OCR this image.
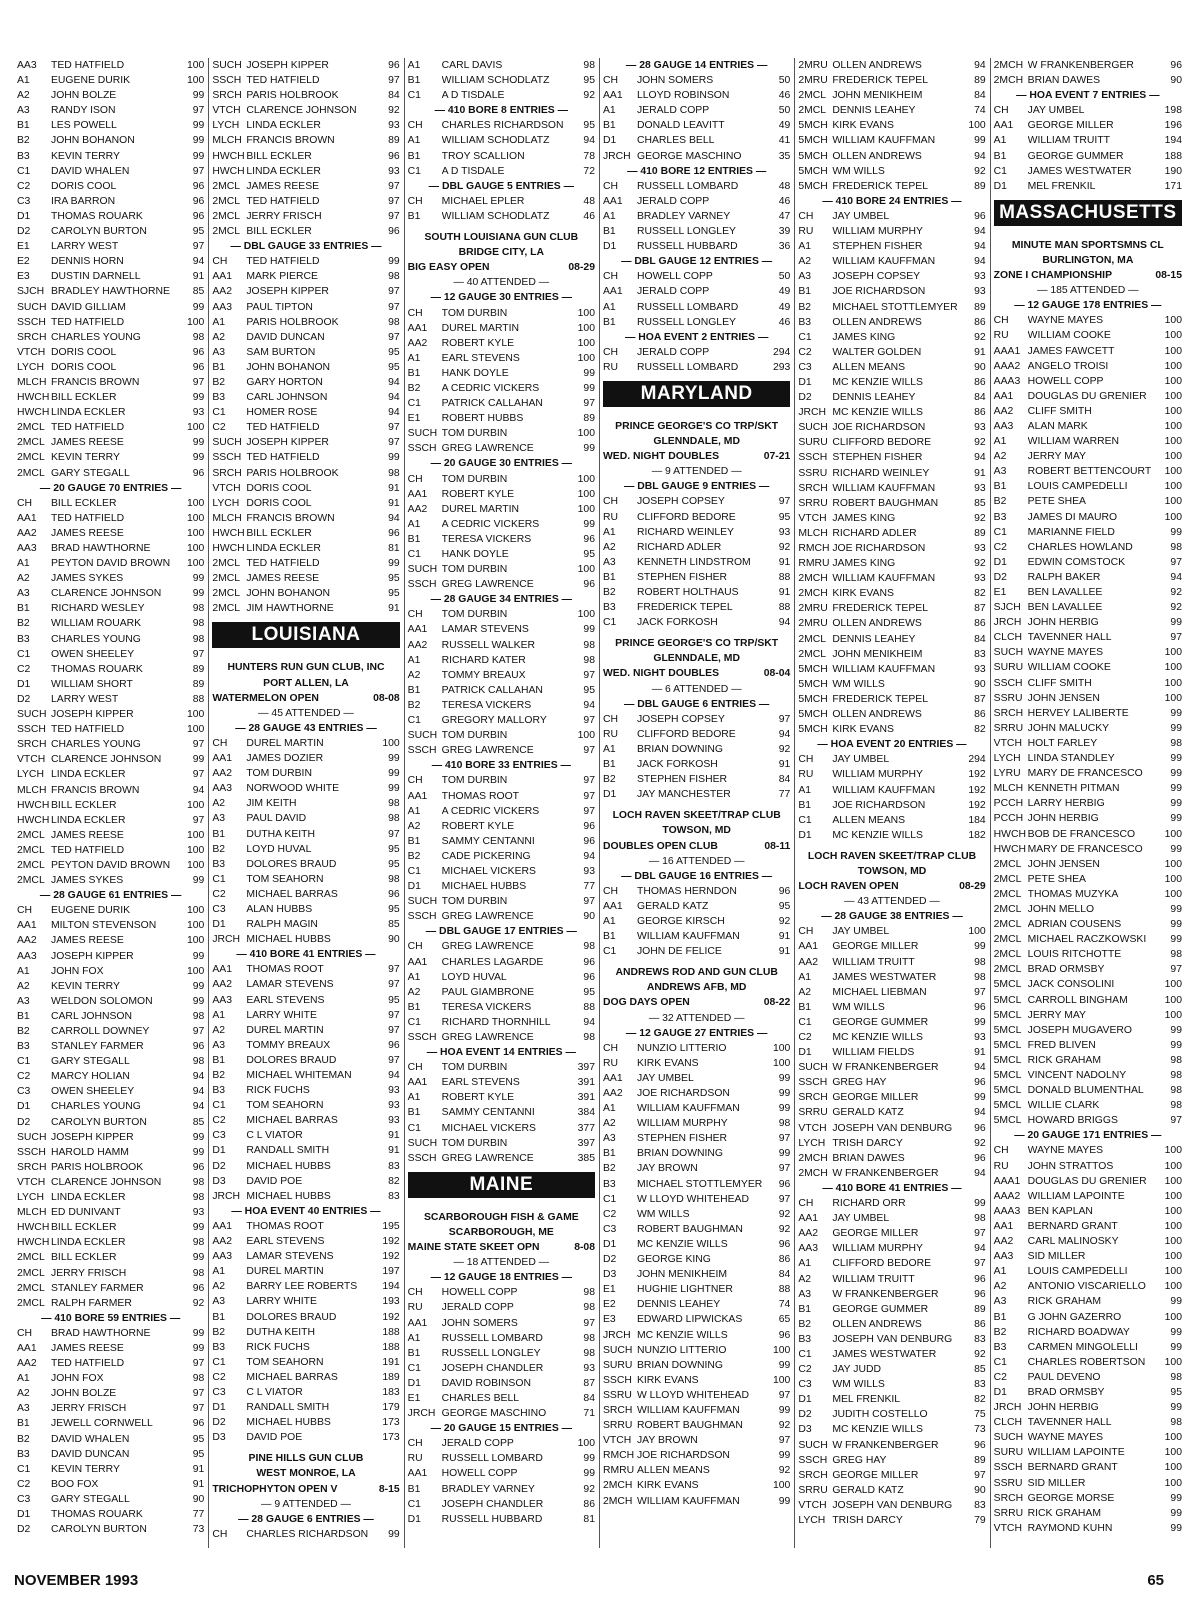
AA3	TED HATFIELD	100
A1	EUGENE DURIK	100
A2	JOHN BOLZE	99
A3	RANDY ISON	97
B1	LES POWELL	99
B2	JOHN BOHANON	99
B3	KEVIN TERRY	99
C1	DAVID WHALEN	97
C2	DORIS COOL	96
C3	IRA BARRON	96
D1	THOMAS ROUARK	96
D2	CAROLYN BURTON	95
E1	LARRY WEST	97
E2	DENNIS HORN	94
E3	DUSTIN DARNELL	91
SJCH BRADLEY HAWTHORNE	85
SUCH DAVID GILLIAM	99
SSCH TED HATFIELD	100
SRCH CHARLES YOUNG	98
VTCH DORIS COOL	96
LYCH DORIS COOL	96
MLCH FRANCIS BROWN	97
HWCH BILL ECKLER	99
HWCH LINDA ECKLER	93
2MCL TED HATFIELD	100
2MCL JAMES REESE	99
2MCL KEVIN TERRY	99
2MCL GARY STEGALL	96
— 20 GAUGE 70 ENTRIES —
CH	BILL ECKLER	100
AA1	TED HATFIELD	100
AA2	JAMES REESE	100
AA3	BRAD HAWTHORNE	100
A1	PEYTON DAVID BROWN	100
A2	JAMES SYKES	99
A3	CLARENCE JOHNSON	99
B1	RICHARD WESLEY	98
B2	WILLIAM ROUARK	98
B3	CHARLES YOUNG	98
C1	OWEN SHEELEY	97
C2	THOMAS ROUARK	89
D1	WILLIAM SHORT	89
D2	LARRY WEST	88
SUCH JOSEPH KIPPER	100
SSCH TED HATFIELD	100
SRCH CHARLES YOUNG	97
VTCH CLARENCE JOHNSON	99
LYCH LINDA ECKLER	97
MLCH FRANCIS BROWN	94
HWCH BILL ECKLER	100
HWCH LINDA ECKLER	97
2MCL JAMES REESE	100
2MCL TED HATFIELD	100
2MCL PEYTON DAVID BROWN	100
2MCL JAMES SYKES	99
— 28 GAUGE 61 ENTRIES —
CH	EUGENE DURIK	100
AA1	MILTON STEVENSON	100
AA2	JAMES REESE	100
AA3	JOSEPH KIPPER	99
A1	JOHN FOX	100
A2	KEVIN TERRY	99
A3	WELDON SOLOMON	99
B1	CARL JOHNSON	98
B2	CARROLL DOWNEY	97
B3	STANLEY FARMER	96
C1	GARY STEGALL	98
C2	MARCY HOLIAN	94
C3	OWEN SHEELEY	94
D1	CHARLES YOUNG	94
D2	CAROLYN BURTON	85
SUCH JOSEPH KIPPER	99
SSCH HAROLD HAMM	99
SRCH PARIS HOLBROOK	96
VTCH CLARENCE JOHNSON	98
LYCH LINDA ECKLER	98
MLCH ED DUNIVANT	93
HWCH BILL ECKLER	99
HWCH LINDA ECKLER	98
2MCL BILL ECKLER	99
2MCL JERRY FRISCH	98
2MCL STANLEY FARMER	96
2MCL RALPH FARMER	92
— 410 BORE 59 ENTRIES —
CH	BRAD HAWTHORNE	99
AA1	JAMES REESE	99
AA2	TED HATFIELD	97
A1	JOHN FOX	98
A2	JOHN BOLZE	97
A3	JERRY FRISCH	97
B1	JEWELL CORNWELL	96
B2	DAVID WHALEN	95
B3	DAVID DUNCAN	95
C1	KEVIN TERRY	91
C2	BOO FOX	91
C3	GARY STEGALL	90
D1	THOMAS ROUARK	77
D2	CAROLYN BURTON	73
SUCH JOSEPH KIPPER	96
SSCH TED HATFIELD	97
SRCH PARIS HOLBROOK	84
VTCH CLARENCE JOHNSON	92
LYCH LINDA ECKLER	93
MLCH FRANCIS BROWN	89
HWCH BILL ECKLER	96
HWCH LINDA ECKLER	93
2MCL JAMES REESE	97
2MCL TED HATFIELD	97
2MCL JERRY FRISCH	97
2MCL BILL ECKLER	96
— DBL GAUGE 33 ENTRIES —
CH	TED HATFIELD	99
AA1	MARK PIERCE	98
AA2	JOSEPH KIPPER	97
AA3	PAUL TIPTON	97
A1	PARIS HOLBROOK	98
A2	DAVID DUNCAN	97
A3	SAM BURTON	95
B1	JOHN BOHANON	95
B2	GARY HORTON	94
B3	CARL JOHNSON	94
C1	HOMER ROSE	94
C2	TED HATFIELD	97
SUCH JOSEPH KIPPER	97
SSCH TED HATFIELD	99
SRCH PARIS HOLBROOK	98
VTCH DORIS COOL	91
LYCH DORIS COOL	91
MLCH FRANCIS BROWN	94
HWCH BILL ECKLER	96
HWCH LINDA ECKLER	81
2MCL TED HATFIELD	99
2MCL JAMES REESE	95
2MCL JOHN BOHANON	95
2MCL JIM HAWTHORNE	91
LOUISIANA
HUNTERS RUN GUN CLUB, INC
PORT ALLEN, LA
WATERMELON OPEN	08-08
— 45 ATTENDED —
— 28 GAUGE 43 ENTRIES —
CH	DUREL MARTIN	100
AA1	JAMES DOZIER	99
AA2	TOM DURBIN	99
AA3	NORWOOD WHITE	99
A2	JIM KEITH	98
A3	PAUL DAVID	98
B1	DUTHA KEITH	97
B2	LOYD HUVAL	95
B3	DOLORES BRAUD	95
C1	TOM SEAHORN	98
C2	MICHAEL BARRAS	96
C3	ALAN HUBBS	95
D1	RALPH MAGIN	85
JRCH MICHAEL HUBBS	90
— 410 BORE 41 ENTRIES —
AA1	THOMAS ROOT	97
AA2	LAMAR STEVENS	97
AA3	EARL STEVENS	95
A1	LARRY WHITE	97
A2	DUREL MARTIN	97
A3	TOMMY BREAUX	96
B1	DOLORES BRAUD	97
B2	MICHAEL WHITEMAN	94
B3	RICK FUCHS	93
C1	TOM SEAHORN	93
C2	MICHAEL BARRAS	93
C3	C L VIATOR	91
D1	RANDALL SMITH	91
D2	MICHAEL HUBBS	83
D3	DAVID POE	82
JRCH MICHAEL HUBBS	83
— HOA EVENT 40 ENTRIES —
AA1	THOMAS ROOT	195
AA2	EARL STEVENS	192
AA3	LAMAR STEVENS	192
A1	DUREL MARTIN	197
A2	BARRY LEE ROBERTS	194
A3	LARRY WHITE	193
B1	DOLORES BRAUD	192
B2	DUTHA KEITH	188
B3	RICK FUCHS	188
C1	TOM SEAHORN	191
C2	MICHAEL BARRAS	189
C3	C L VIATOR	183
D1	RANDALL SMITH	179
D2	MICHAEL HUBBS	173
D3	DAVID POE	173
PINE HILLS GUN CLUB
WEST MONROE, LA
TRICHOPHYTON OPEN V	8-15
— 9 ATTENDED —
— 28 GAUGE 6 ENTRIES —
CH	CHARLES RICHARDSON	99
A1	CARL DAVIS	98
B1	WILLIAM SCHODLATZ	95
C1	A D TISDALE	92
— 410 BORE 8 ENTRIES —
CH	CHARLES RICHARDSON	95
A1	WILLIAM SCHODLATZ	94
B1	TROY SCALLION	78
C1	A D TISDALE	72
— DBL GAUGE 5 ENTRIES —
CH	MICHAEL EPLER	48
B1	WILLIAM SCHODLATZ	46
SOUTH LOUISIANA GUN CLUB
BRIDGE CITY, LA
BIG EASY OPEN	08-29
— 40 ATTENDED —
— 12 GAUGE 30 ENTRIES —
CH	TOM DURBIN	100
AA1	DUREL MARTIN	100
AA2	ROBERT KYLE	100
A1	EARL STEVENS	100
B1	HANK DOYLE	99
B2	A CEDRIC VICKERS	99
C1	PATRICK CALLAHAN	97
E1	ROBERT HUBBS	89
SUCH TOM DURBIN	100
SSCH GREG LAWRENCE	99
— 20 GAUGE 30 ENTRIES —
CH	TOM DURBIN	100
AA1	ROBERT KYLE	100
AA2	DUREL MARTIN	100
A1	A CEDRIC VICKERS	99
B1	TERESA VICKERS	96
C1	HANK DOYLE	95
SUCH TOM DURBIN	100
SSCH GREG LAWRENCE	96
— 28 GAUGE 34 ENTRIES —
CH	TOM DURBIN	100
AA1	LAMAR STEVENS	99
AA2	RUSSELL WALKER	98
A1	RICHARD KATER	98
A2	TOMMY BREAUX	97
B1	PATRICK CALLAHAN	95
B2	TERESA VICKERS	94
C1	GREGORY MALLORY	97
SUCH TOM DURBIN	100
SSCH GREG LAWRENCE	97
— 410 BORE 33 ENTRIES —
CH	TOM DURBIN	97
AA1	THOMAS ROOT	97
A1	A CEDRIC VICKERS	97
A2	ROBERT KYLE	96
B1	SAMMY CENTANNI	96
B2	CADE PICKERING	94
C1	MICHAEL VICKERS	93
D1	MICHAEL HUBBS	77
SUCH TOM DURBIN	97
SSCH GREG LAWRENCE	90
— DBL GAUGE 17 ENTRIES —
CH	GREG LAWRENCE	98
AA1	CHARLES LAGARDE	96
A1	LOYD HUVAL	96
A2	PAUL GIAMBRONE	95
B1	TERESA VICKERS	88
C1	RICHARD THORNHILL	94
SSCH GREG LAWRENCE	98
— HOA EVENT 14 ENTRIES —
CH	TOM DURBIN	397
AA1	EARL STEVENS	391
A1	ROBERT KYLE	391
B1	SAMMY CENTANNI	384
C1	MICHAEL VICKERS	377
SUCH TOM DURBIN	397
SSCH GREG LAWRENCE	385
MAINE
SCARBOROUGH FISH & GAME
SCARBOROUGH, ME
MAINE STATE SKEET OPN	8-08
— 18 ATTENDED —
— 12 GAUGE 18 ENTRIES —
CH	HOWELL COPP	98
RU	JERALD COPP	98
AA1	JOHN SOMERS	97
A1	RUSSELL LOMBARD	98
B1	RUSSELL LONGLEY	98
C1	JOSEPH CHANDLER	93
D1	DAVID ROBINSON	87
E1	CHARLES BELL	84
JRCH GEORGE MASCHINO	71
— 20 GAUGE 15 ENTRIES —
CH	JERALD COPP	100
RU	RUSSELL LOMBARD	99
AA1	HOWELL COPP	99
B1	BRADLEY VARNEY	92
C1	JOSEPH CHANDLER	86
D1	RUSSELL HUBBARD	81
— 28 GAUGE 14 ENTRIES —
CH	JOHN SOMERS	50
AA1	LLOYD ROBINSON	46
A1	JERALD COPP	50
B1	DONALD LEAVITT	49
D1	CHARLES BELL	41
JRCH GEORGE MASCHINO	35
— 410 BORE 12 ENTRIES —
CH	RUSSELL LOMBARD	48
AA1	JERALD COPP	46
A1	BRADLEY VARNEY	47
B1	RUSSELL LONGLEY	39
D1	RUSSELL HUBBARD	36
— DBL GAUGE 12 ENTRIES —
CH	HOWELL COPP	50
AA1	JERALD COPP	49
A1	RUSSELL LOMBARD	49
B1	RUSSELL LONGLEY	46
— HOA EVENT 2 ENTRIES —
CH	JERALD COPP	294
RU	RUSSELL LOMBARD	293
MARYLAND
PRINCE GEORGE'S CO TRP/SKT
GLENNDALE, MD
WED. NIGHT DOUBLES	07-21
— 9 ATTENDED —
— DBL GAUGE 9 ENTRIES —
CH	JOSEPH COPSEY	97
RU	CLIFFORD BEDORE	95
A1	RICHARD WEINLEY	93
A2	RICHARD ADLER	92
A3	KENNETH LINDSTROM	91
B1	STEPHEN FISHER	88
B2	ROBERT HOLTHAUS	91
B3	FREDERICK TEPEL	88
C1	JACK FORKOSH	94
PRINCE GEORGE'S CO TRP/SKT
GLENNDALE, MD
WED. NIGHT DOUBLES	08-04
— 6 ATTENDED —
— DBL GAUGE 6 ENTRIES —
CH	JOSEPH COPSEY	97
RU	CLIFFORD BEDORE	94
A1	BRIAN DOWNING	92
B1	JACK FORKOSH	91
B2	STEPHEN FISHER	84
D1	JAY MANCHESTER	77
LOCH RAVEN SKEET/TRAP CLUB
TOWSON, MD
DOUBLES OPEN CLUB	08-11
— 16 ATTENDED —
— DBL GAUGE 16 ENTRIES —
CH	THOMAS HERNDON	96
AA1	GERALD KATZ	95
A1	GEORGE KIRSCH	92
B1	WILLIAM KAUFFMAN	91
C1	JOHN DE FELICE	91
ANDREWS ROD AND GUN CLUB
ANDREWS AFB, MD
DOG DAYS OPEN	08-22
— 32 ATTENDED —
— 12 GAUGE 27 ENTRIES —
CH	NUNZIO LITTERIO	100
RU	KIRK EVANS	100
AA1	JAY UMBEL	99
AA2	JOE RICHARDSON	99
A1	WILLIAM KAUFFMAN	99
A2	WILLIAM MURPHY	98
A3	STEPHEN FISHER	97
B1	BRIAN DOWNING	99
B2	JAY BROWN	97
B3	MICHAEL STOTTLEMYER	96
C1	W LLOYD WHITEHEAD	97
C2	WM WILLS	92
C3	ROBERT BAUGHMAN	92
D1	MC KENZIE WILLS	96
D2	GEORGE KING	86
D3	JOHN MENIKHEIM	84
E1	HUGHIE LIGHTNER	88
E2	DENNIS LEAHEY	74
E3	EDWARD LIPWICKAS	65
JRCH MC KENZIE WILLS	96
SUCH NUNZIO LITTERIO	100
SURU BRIAN DOWNING	99
SSCH KIRK EVANS	100
SSRU W LLOYD WHITEHEAD	97
SRCH WILLIAM KAUFFMAN	99
SRRU ROBERT BAUGHMAN	92
VTCH JAY BROWN	97
RMCH JOE RICHARDSON	99
RMRU ALLEN MEANS	92
2MCH KIRK EVANS	100
2MCH WILLIAM KAUFFMAN	99
2MRU OLLEN ANDREWS	94
2MRU FREDERICK TEPEL	89
2MCL JOHN MENIKHEIM	84
2MCL DENNIS LEAHEY	74
5MCH KIRK EVANS	100
5MCH WILLIAM KAUFFMAN	99
5MCH OLLEN ANDREWS	94
5MCH WM WILLS	92
5MCH FREDERICK TEPEL	89
— 410 BORE 24 ENTRIES —
CH	JAY UMBEL	96
RU	WILLIAM MURPHY	94
A1	STEPHEN FISHER	94
A2	WILLIAM KAUFFMAN	94
A3	JOSEPH COPSEY	93
B1	JOE RICHARDSON	93
B2	MICHAEL STOTTLEMYER	89
B3	OLLEN ANDREWS	86
C1	JAMES KING	92
C2	WALTER GOLDEN	91
C3	ALLEN MEANS	90
D1	MC KENZIE WILLS	86
D2	DENNIS LEAHEY	84
JRCH MC KENZIE WILLS	86
SUCH JOE RICHARDSON	93
SURU CLIFFORD BEDORE	92
SSCH STEPHEN FISHER	94
SSRU RICHARD WEINLEY	91
SRCH WILLIAM KAUFFMAN	93
SRRU ROBERT BAUGHMAN	85
VTCH JAMES KING	92
MLCH RICHARD ADLER	89
RMCH JOE RICHARDSON	93
RMRU JAMES KING	92
2MCH WILLIAM KAUFFMAN	93
2MCH KIRK EVANS	82
2MRU FREDERICK TEPEL	87
2MRU OLLEN ANDREWS	86
2MCL DENNIS LEAHEY	84
2MCL JOHN MENIKHEIM	83
5MCH WILLIAM KAUFFMAN	93
5MCH WM WILLS	90
5MCH FREDERICK TEPEL	87
5MCH OLLEN ANDREWS	86
5MCH KIRK EVANS	82
— HOA EVENT 20 ENTRIES —
CH	JAY UMBEL	294
RU	WILLIAM MURPHY	192
A1	WILLIAM KAUFFMAN	192
B1	JOE RICHARDSON	192
C1	ALLEN MEANS	184
D1	MC KENZIE WILLS	182
LOCH RAVEN SKEET/TRAP CLUB
TOWSON, MD
LOCH RAVEN OPEN	08-29
— 43 ATTENDED —
— 28 GAUGE 38 ENTRIES —
CH	JAY UMBEL	100
AA1	GEORGE MILLER	99
AA2	WILLIAM TRUITT	98
A1	JAMES WESTWATER	98
A2	MICHAEL LIEBMAN	97
B1	WM WILLS	96
C1	GEORGE GUMMER	99
C2	MC KENZIE WILLS	93
D1	WILLIAM FIELDS	91
SUCH W FRANKENBERGER	94
SSCH GREG HAY	96
SRCH GEORGE MILLER	99
SRRU GERALD KATZ	94
VTCH JOSEPH VAN DENBURG	96
LYCH TRISH DARCY	92
2MCH BRIAN DAWES	96
2MCH W FRANKENBERGER	94
— 410 BORE 41 ENTRIES —
CH	RICHARD ORR	99
AA1	JAY UMBEL	98
AA2	GEORGE MILLER	97
AA3	WILLIAM MURPHY	94
A1	CLIFFORD BEDORE	97
A2	WILLIAM TRUITT	96
A3	W FRANKENBERGER	96
B1	GEORGE GUMMER	89
B2	OLLEN ANDREWS	86
B3	JOSEPH VAN DENBURG	83
C1	JAMES WESTWATER	92
C2	JAY JUDD	85
C3	WM WILLS	83
D1	MEL FRENKIL	82
D2	JUDITH COSTELLO	75
D3	MC KENZIE WILLS	73
SUCH W FRANKENBERGER	96
SSCH GREG HAY	89
SRCH GEORGE MILLER	97
SRRU GERALD KATZ	90
VTCH JOSEPH VAN DENBURG	83
LYCH TRISH DARCY	79
2MCH W FRANKENBERGER	96
2MCH BRIAN DAWES	90
— HOA EVENT 7 ENTRIES —
CH	JAY UMBEL	198
AA1	GEORGE MILLER	196
A1	WILLIAM TRUITT	194
B1	GEORGE GUMMER	188
C1	JAMES WESTWATER	190
D1	MEL FRENKIL	171
MASSACHUSETTS
MINUTE MAN SPORTSMNS CL
BURLINGTON, MA
ZONE I CHAMPIONSHIP	08-15
— 185 ATTENDED —
— 12 GAUGE 178 ENTRIES —
CH	WAYNE MAYES	100
RU	WILLIAM COOKE	100
AAA1 JAMES FAWCETT	100
AAA2 ANGELO TROISI	100
AAA3 HOWELL COPP	100
AA1	DOUGLAS DU GRENIER	100
AA2	CLIFF SMITH	100
AA3	ALAN MARK	100
A1	WILLIAM WARREN	100
A2	JERRY MAY	100
A3	ROBERT BETTENCOURT	100
B1	LOUIS CAMPEDELLI	100
B2	PETE SHEA	100
B3	JAMES DI MAURO	100
C1	MARIANNE FIELD	99
C2	CHARLES HOWLAND	98
D1	EDWIN COMSTOCK	97
D2	RALPH BAKER	94
E1	BEN LAVALLEE	92
SJCH BEN LAVALLEE	92
JRCH JOHN HERBIG	99
CLCH TAVENNER HALL	97
SUCH WAYNE MAYES	100
SURU WILLIAM COOKE	100
SSCH CLIFF SMITH	100
SSRU JOHN JENSEN	100
SRCH HERVEY LALIBERTE	99
SRRU JOHN MALUCKY	99
VTCH HOLT FARLEY	98
LYCH LINDA STANDLEY	99
LYRU MARY DE FRANCESCO	99
MLCH KENNETH PITMAN	99
PCCH LARRY HERBIG	99
PCCH JOHN HERBIG	99
HWCH BOB DE FRANCESCO	100
HWCH MARY DE FRANCESCO	99
2MCL JOHN JENSEN	100
2MCL PETE SHEA	100
2MCL THOMAS MUZYKA	100
2MCL JOHN MELLO	99
2MCL ADRIAN COUSENS	99
2MCL MICHAEL RACZKOWSKI	99
2MCL LOUIS RITCHOTTE	98
2MCL BRAD ORMSBY	97
5MCL JACK CONSOLINI	100
5MCL CARROLL BINGHAM	100
5MCL JERRY MAY	100
5MCL JOSEPH MUGAVERO	99
5MCL FRED BLIVEN	99
5MCL RICK GRAHAM	98
5MCL VINCENT NADOLNY	98
5MCL DONALD BLUMENTHAL	98
5MCL WILLIE CLARK	98
5MCL HOWARD BRIGGS	97
— 20 GAUGE 171 ENTRIES —
CH	WAYNE MAYES	100
RU	JOHN STRATTOS	100
AAA1 DOUGLAS DU GRENIER	100
AAA2 WILLIAM LAPOINTE	100
AAA3 BEN KAPLAN	100
AA1	BERNARD GRANT	100
AA2	CARL MALINOSKY	100
AA3	SID MILLER	100
A1	LOUIS CAMPEDELLI	100
A2	ANTONIO VISCARIELLO	100
A3	RICK GRAHAM	99
B1	G JOHN GAZERRO	100
B2	RICHARD BOADWAY	99
B3	CARMEN MINGOLELLI	99
C1	CHARLES ROBERTSON	100
C2	PAUL DEVENO	98
D1	BRAD ORMSBY	95
JRCH JOHN HERBIG	99
CLCH TAVENNER HALL	98
SUCH WAYNE MAYES	100
SURU WILLIAM LAPOINTE	100
SSCH BERNARD GRANT	100
SSRU SID MILLER	100
SRCH GEORGE MORSE	99
SRRU RICK GRAHAM	99
VTCH RAYMOND KUHN	99
NOVEMBER 1993	65
